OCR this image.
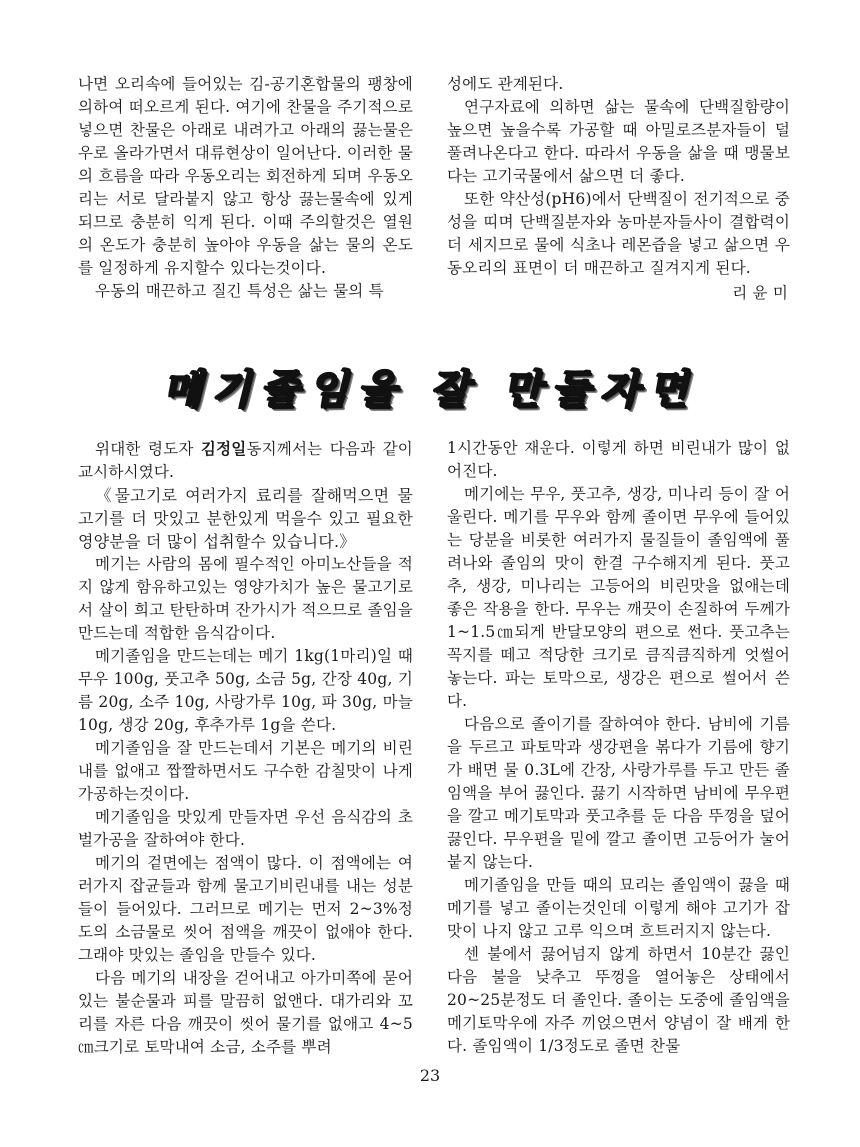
나면 오리속에 들어있는 김-공기혼합물의 팽창에 의하여 떠오르게 된다. 여기에 찬물을 주기적으로 넣으면 찬물은 아래로 내려가고 아래의 끓는물은 우로 올라가면서 대류현상이 일어난다. 이러한 물의 흐름을 따라 우동오리는 회전하게 되며 우동오리는 서로 달라붙지 않고 항상 끓는물속에 있게 되므로 충분히 익게 된다. 이때 주의할것은 열원의 온도가 충분히 높아야 우동을 삶는 물의 온도를 일정하게 유지할수 있다는것이다.

우동의 매끈하고 질긴 특성은 삶는 물의 특

성에도 관계된다.

연구자료에 의하면 삶는 물속에 단백질함량이 높으면 높을수록 가공할 때 아밀로즈분자들이 덜 풀려나온다고 한다. 따라서 우동을 삶을 때 맹물보다는 고기국물에서 삶으면 더 좋다.

또한 약산성(pH6)에서 단백질이 전기적으로 중성을 띠며 단백질분자와 농마분자들사이 결합력이 더 세지므로 물에 식초나 레몬즙을 넣고 삶으면 우동오리의 표면이 더 매끈하고 질겨지게 된다.

리 윤 미

메기졸임을 잘 만들자면

위대한 령도자 김정일동지께서는 다음과 같이 교시하시였다.

《물고기로 여러가지 료리를 잘해먹으면 물고기를 더 맛있고 분한있게 먹을수 있고 필요한 영양분을 더 많이 섭취할수 있습니다.》

메기는 사람의 몸에 필수적인 아미노산들을 적지 않게 함유하고있는 영양가치가 높은 물고기로서 살이 희고 탄탄하며 잔가시가 적으므로 졸임을 만드는데 적합한 음식감이다.

메기졸임을 만드는데는 메기 1kg(1마리)일 때 무우 100g, 풋고추 50g, 소금 5g, 간장 40g, 기름 20g, 소주 10g, 사랑가루 10g, 파 30g, 마늘 10g, 생강 20g, 후추가루 1g을 쓴다.

메기졸임을 잘 만드는데서 기본은 메기의 비린내를 없애고 짭짤하면서도 구수한 감칠맛이 나게 가공하는것이다.

메기졸임을 맛있게 만들자면 우선 음식감의 초벌가공을 잘하여야 한다.

메기의 겉면에는 점액이 많다. 이 점액에는 여러가지 잡균들과 함께 물고기비린내를 내는 성분들이 들어있다. 그러므로 메기는 먼저 2~3%정도의 소금물로 씻어 점액을 깨끗이 없애야 한다. 그래야 맛있는 졸임을 만들수 있다.

다음 메기의 내장을 걷어내고 아가미쪽에 묻어있는 불순물과 피를 말끔히 없앤다. 대가리와 꼬리를 자른 다음 깨끗이 씻어 물기를 없애고 4~5㎝크기로 토막내여 소금, 소주를 뿌려

1시간동안 재운다. 이렇게 하면 비린내가 많이 없어진다.

메기에는 무우, 풋고추, 생강, 미나리 등이 잘 어울린다. 메기를 무우와 함께 졸이면 무우에 들어있는 당분을 비롯한 여러가지 물질들이 졸임액에 풀려나와 졸임의 맛이 한결 구수해지게 된다. 풋고추, 생강, 미나리는 고등어의 비린맛을 없애는데 좋은 작용을 한다. 무우는 깨끗이 손질하여 두께가 1~1.5㎝되게 반달모양의 편으로 썬다. 풋고추는 꼭지를 떼고 적당한 크기로 큼직큼직하게 엇썰어놓는다. 파는 토막으로, 생강은 편으로 썰어서 쓴다.

다음으로 졸이기를 잘하여야 한다. 남비에 기름을 두르고 파토막과 생강편을 볶다가 기름에 향기가 배면 물 0.3L에 간장, 사랑가루를 두고 만든 졸임액을 부어 끓인다. 끓기 시작하면 남비에 무우편을 깔고 메기토막과 풋고추를 둔 다음 뚜껑을 덮어 끓인다. 무우편을 밑에 깔고 졸이면 고등어가 눌어붙지 않는다.

메기졸임을 만들 때의 묘리는 졸임액이 끓을 때 메기를 넣고 졸이는것인데 이렇게 해야 고기가 잡맛이 나지 않고 고루 익으며 흐트러지지 않는다.

센 불에서 끓어넘지 않게 하면서 10분간 끓인 다음 불을 낮추고 뚜껑을 열어놓은 상태에서 20~25분정도 더 졸인다. 졸이는 도중에 졸임액을 메기토막우에 자주 끼얹으면서 양념이 잘 배게 한다. 졸임액이 1/3정도로 졸면 찬물

23
